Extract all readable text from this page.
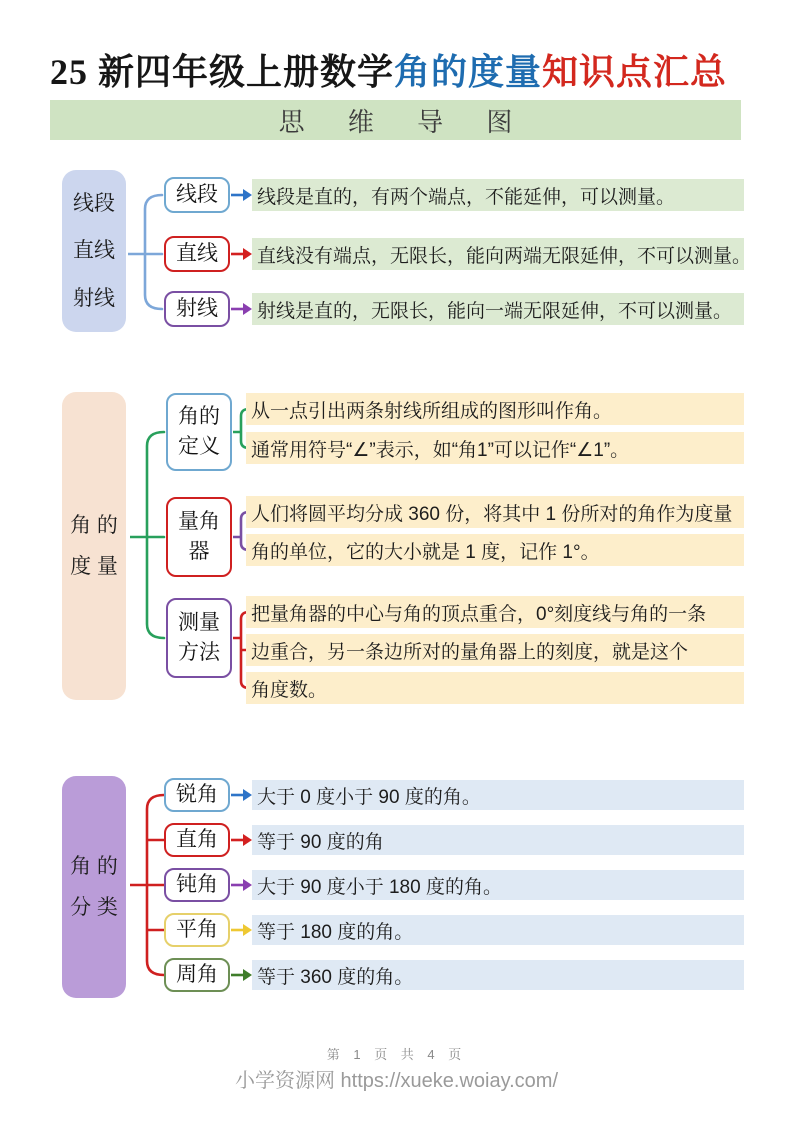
25 新四年级上册数学角的度量知识点汇总
思 维 导 图
线段
直线
射线
线段
直线
射线
线段是直的，有两个端点，不能延伸，可以测量。
直线没有端点，无限长，能向两端无限延伸，不可以测量。
射线是直的，无限长，能向一端无限延伸，不可以测量。
角 的
度 量
角的
定义
量角
器
测量
方法
从一点引出两条射线所组成的图形叫作角。
通常用符号“∠”表示，如“角1”可以记作“∠1”。
人们将圆平均分成 360 份，将其中 1 份所对的角作为度量
角的单位，它的大小就是 1 度，记作 1°。
把量角器的中心与角的顶点重合，0°刻度线与角的一条
边重合，另一条边所对的量角器上的刻度，就是这个
角度数。
角 的
分 类
锐角
直角
钝角
平角
周角
大于 0 度小于 90 度的角。
等于 90 度的角
大于 90 度小于 180 度的角。
等于 180 度的角。
等于 360 度的角。
第 1 页 共 4 页
小学资源网 https://xueke.woiay.com/
